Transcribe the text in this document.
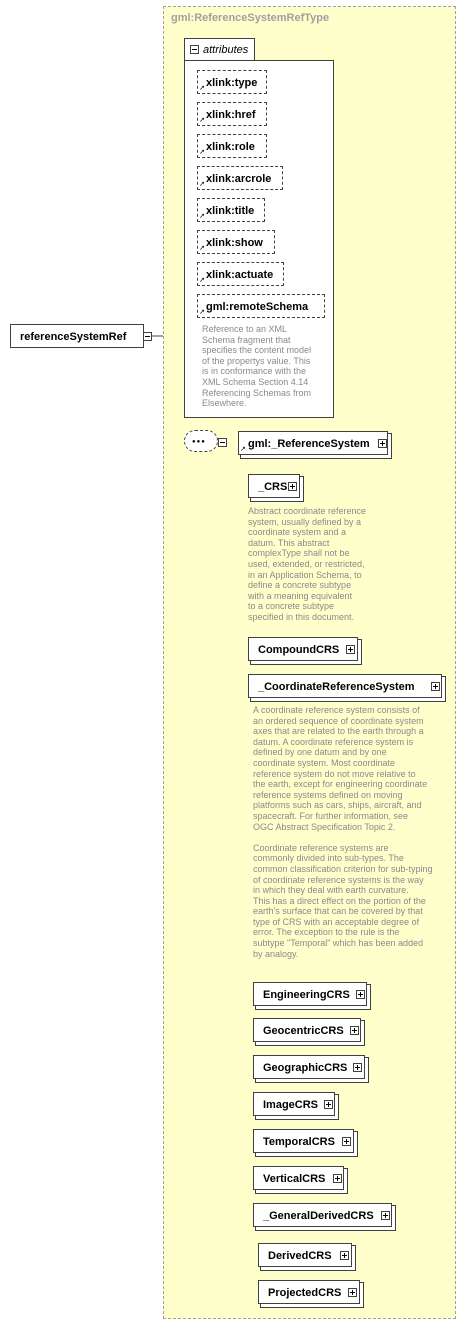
gml:ReferenceSystemRefType
referenceSystemRef
attributes
xlink:type
↗
xlink:href
↗
xlink:role
↗
xlink:arcrole
↗
xlink:title
↗
xlink:show
↗
xlink:actuate
↗
gml:remoteSchema
↗
Reference to an XML
Schema fragment that
specifies the content model
of the propertys value. This
is in conformance with the
XML Schema Section 4.14
Referencing Schemas from
Elsewhere.
●●●	gml:_ReferenceSystem
↗
_CRS
Abstract coordinate reference
system, usually defined by a
coordinate system and a
datum. This abstract
complexType shall not be
used, extended, or restricted,
in an Application Schema, to
define a concrete subtype
with a meaning equivalent
to a concrete subtype
specified in this document.
CompoundCRS
_CoordinateReferenceSystem
A coordinate reference system consists of
an ordered sequence of coordinate system
axes that are related to the earth through a
datum. A coordinate reference system is
defined by one datum and by one
coordinate system. Most coordinate
reference system do not move relative to
the earth, except for engineering coordinate
reference systems defined on moving
platforms such as cars, ships, aircraft, and
spacecraft. For further information, see
OGC Abstract Specification Topic 2.

Coordinate reference systems are
commonly divided into sub-types. The
common classification criterion for sub-typing
of coordinate reference systems is the way
in which they deal with earth curvature.
This has a direct effect on the portion of the
earth's surface that can be covered by that
type of CRS with an acceptable degree of
error. The exception to the rule is the
subtype "Temporal" which has been added
by analogy.
EngineeringCRS
GeocentricCRS
GeographicCRS
ImageCRS
TemporalCRS
VerticalCRS
_GeneralDerivedCRS
DerivedCRS
ProjectedCRS
